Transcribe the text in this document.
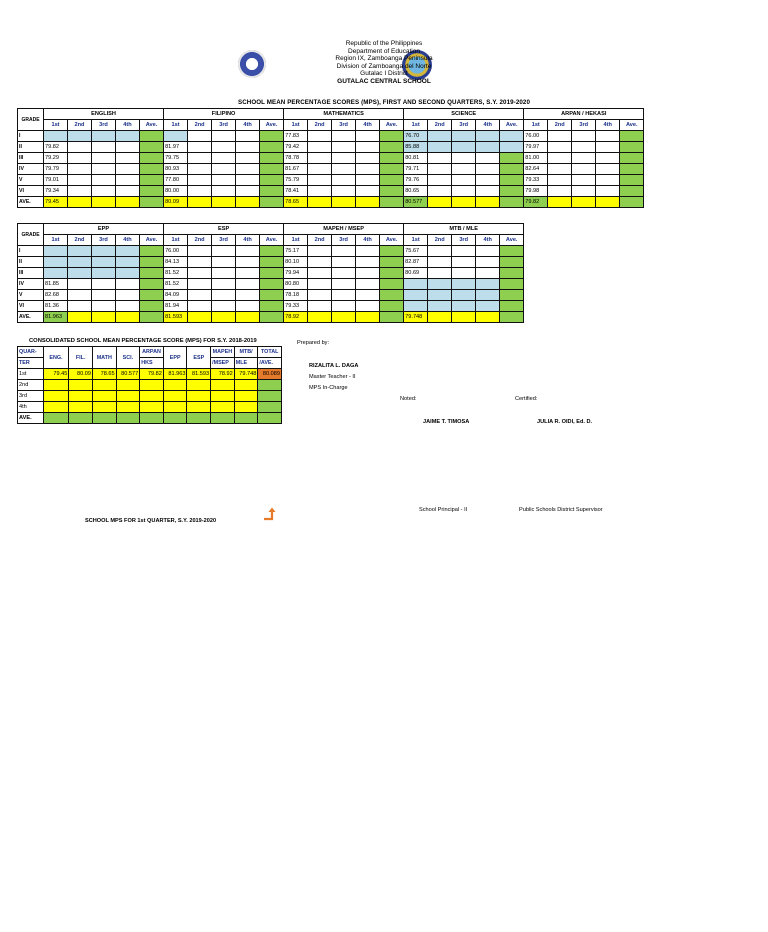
Republic of the Philippines
Department of Education
Region IX, Zamboanga Peninsula
Division of Zamboanga del Norte
Gutalac I District
GUTALAC CENTRAL SCHOOL
SCHOOL MEAN PERCENTAGE SCORES (MPS), FIRST AND SECOND QUARTERS, S.Y. 2019-2020
GRADE	ENGLISH					FILIPINO					MATHEMATICS					SCIENCE					ARPAN / HEKASI				
	1st	2nd	3rd	4th	Ave.	1st	2nd	3rd	4th	Ave.	1st	2nd	3rd	4th	Ave.	1st	2nd	3rd	4th	Ave.	1st	2nd	3rd	4th	Ave.
I											77.83					76.70					76.00				
II	79.82					81.97					79.42					85.88					79.97				
III	79.29					79.75					78.78					80.81					81.00				
IV	79.79					80.93					81.67					79.71					82.64				
V	79.01					77.80					75.79					79.76					79.33				
VI	79.34					80.00					78.41					80.65					79.98				
AVE.	79.45					80.09					78.65					80.577					79.82				
GRADE	EPP					ESP					MAPEH / MSEP					MTB / MLE				
	1st	2nd	3rd	4th	Ave.	1st	2nd	3rd	4th	Ave.	1st	2nd	3rd	4th	Ave.	1st	2nd	3rd	4th	Ave.
I						76.00					75.17					75.67				
II						84.13					80.10					82.87				
III						81.52					79.94					80.69				
IV	81.85					81.52					80.80									
V	82.68					84.09					78.18									
VI	81.36					81.94					79.33									
AVE.	81.963					81.593					78.92					79.748				
CONSOLIDATED SCHOOL MEAN PERCENTAGE SCORE (MPS) FOR S.Y. 2018-2019
QUAR-	ENG.	FIL.	MATH	SCI.	ARPAN	EPP	ESP	MAPEH	MTB/	TOTAL
TER					HKS			/MSEP	MLE	/AVE.
1st	79.45	80.09	78.65	80.577	79.82	81.963	81.593	78.92	79.748	80.089
2nd										
3rd										
4th										
AVE.										
Prepared by:
RIZALITA L. DAGA
Master Teacher - II
MPS In-Charge
Noted:	Certified:
JAIME T. TIMOSA	JULIA R. OIDI, Ed. D.
School Principal - II	Public Schools District Supervisor
SCHOOL MPS FOR 1st QUARTER, S.Y. 2019-2020
